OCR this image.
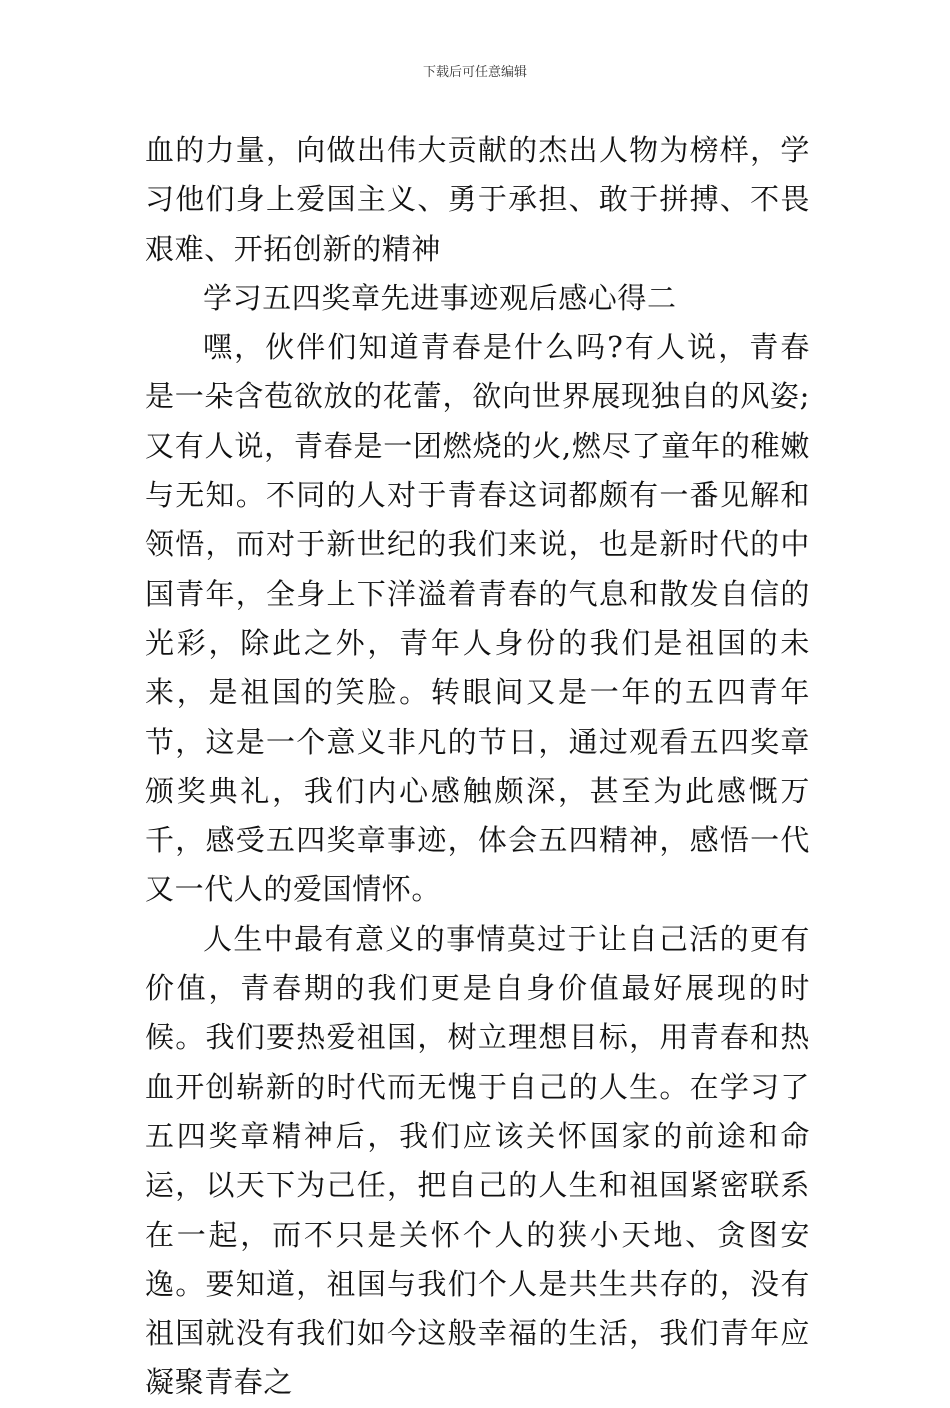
下载后可任意编辑

血的力量，向做出伟大贡献的杰出人物为榜样，学习他们身上爱国主义、勇于承担、敢于拼搏、不畏艰难、开拓创新的精神

学习五四奖章先进事迹观后感心得二

嘿，伙伴们知道青春是什么吗?有人说，青春是一朵含苞欲放的花蕾，欲向世界展现独自的风姿;又有人说，青春是一团燃烧的火,燃尽了童年的稚嫩与无知。不同的人对于青春这词都颇有一番见解和领悟，而对于新世纪的我们来说，也是新时代的中国青年，全身上下洋溢着青春的气息和散发自信的光彩，除此之外，青年人身份的我们是祖国的未来，是祖国的笑脸。转眼间又是一年的五四青年节，这是一个意义非凡的节日，通过观看五四奖章颁奖典礼，我们内心感触颇深，甚至为此感慨万千，感受五四奖章事迹，体会五四精神，感悟一代又一代人的爱国情怀。

人生中最有意义的事情莫过于让自己活的更有价值，青春期的我们更是自身价值最好展现的时候。我们要热爱祖国，树立理想目标，用青春和热血开创崭新的时代而无愧于自己的人生。在学习了五四奖章精神后，我们应该关怀国家的前途和命运，以天下为己任，把自己的人生和祖国紧密联系在一起，而不只是关怀个人的狭小天地、贪图安逸。要知道，祖国与我们个人是共生共存的，没有祖国就没有我们如今这般幸福的生活，我们青年应凝聚青春之
